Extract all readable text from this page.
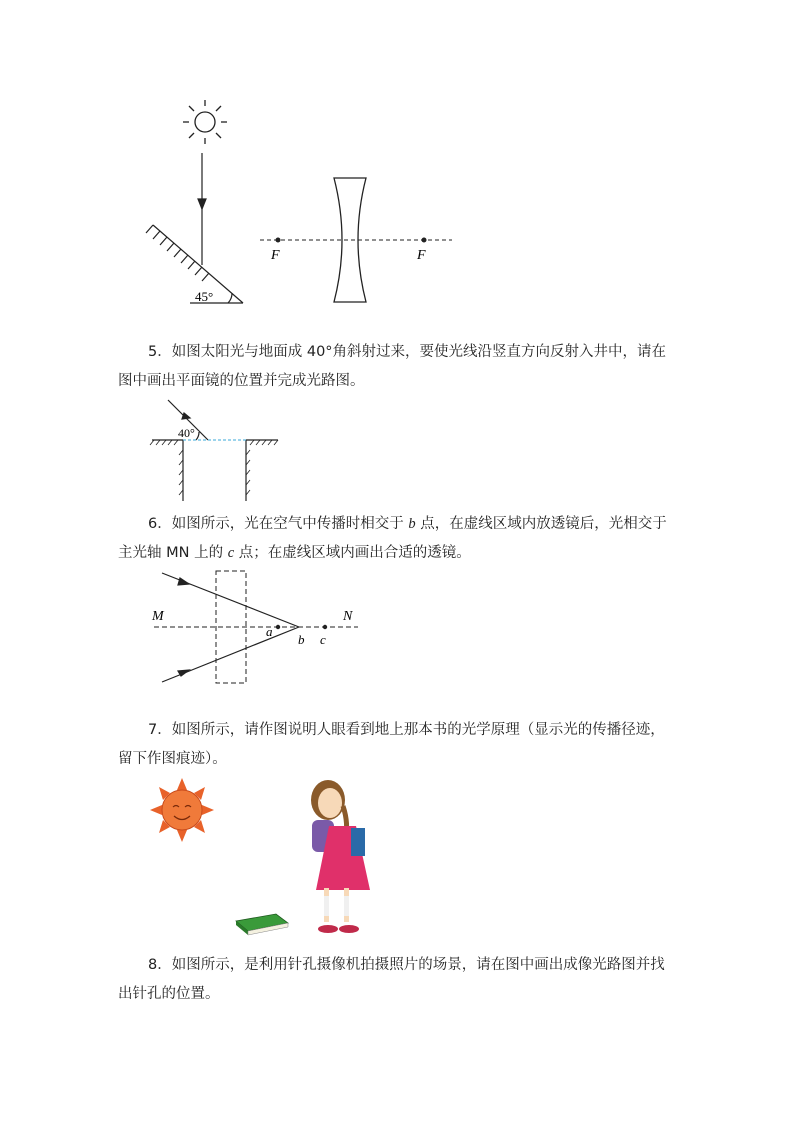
45°
F	F
5．如图太阳光与地面成 40°角斜射过来，要使光线沿竖直方向反射入井中，请在图中画出平面镜的位置并完成光路图。
40°
6．如图所示，光在空气中传播时相交于 b 点，在虚线区域内放透镜后，光相交于主光轴 MN 上的 c 点；在虚线区域内画出合适的透镜。
M	N
a
b c
7．如图所示，请作图说明人眼看到地上那本书的光学原理（显示光的传播径迹，留下作图痕迹）。
8．如图所示，是利用针孔摄像机拍摄照片的场景，请在图中画出成像光路图并找出针孔的位置。
